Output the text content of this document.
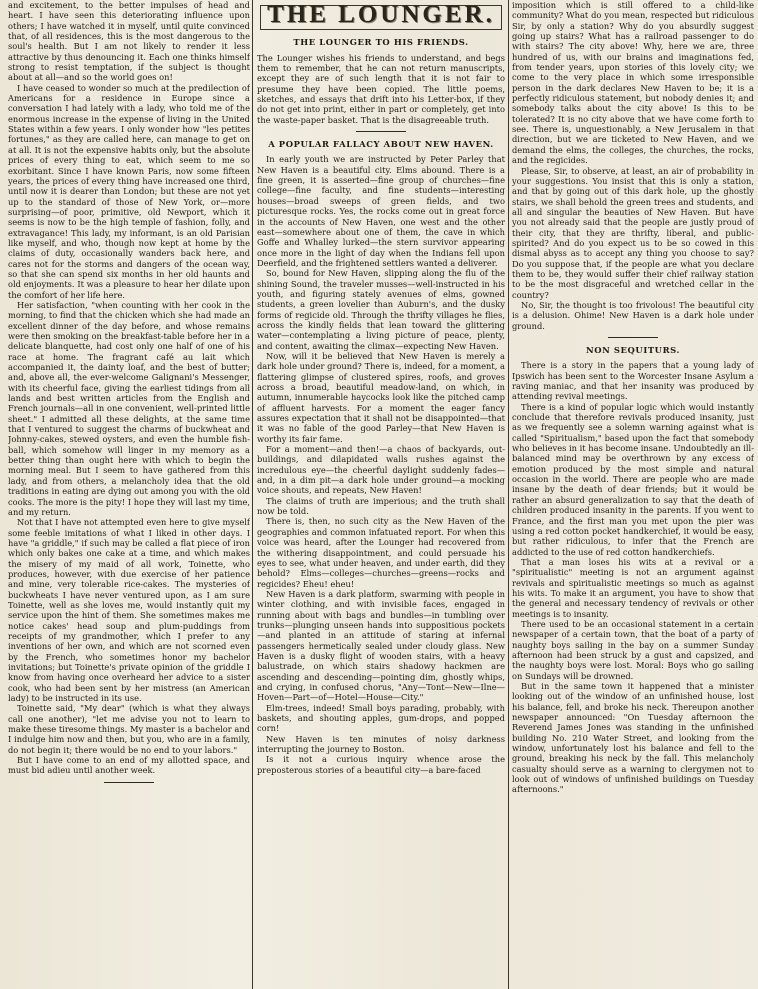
and excitement, to the better impulses of head and heart. I have seen this deteriorating influence upon others; I have watched it in myself, until quite convinced that, of all residences, this is the most dangerous to the soul's health. But I am not likely to render it less attractive by thus denouncing it. Each one thinks himself strong to resist temptation, if the subject is thought about at all—and so the world goes on!

I have ceased to wonder so much at the predilection of Americans for a residence in Europe since a conversation I had lately with a lady, who told me of the enormous increase in the expense of living in the United States within a few years. I only wonder how "les petites fortunes," as they are called here, can manage to get on at all. It is not the expensive habits only, but the absolute prices of every thing to eat, which seem to me so exorbitant. Since I have known Paris, now some fifteen years, the prices of every thing have increased one third, until now it is dearer than London; but these are not yet up to the standard of those of New York, or—more surprising—of poor, primitive, old Newport, which it seems is now to be the high temple of fashion, folly, and extravagance! This lady, my informant, is an old Parisian like myself, and who, though now kept at home by the claims of duty, occasionally wanders back here, and cares not for the storms and dangers of the ocean way, so that she can spend six months in her old haunts and old enjoyments. It was a pleasure to hear her dilate upon the comfort of her life here.

Her satisfaction, "when counting with her cook in the morning, to find that the chicken which she had made an excellent dinner of the day before, and whose remains were then smoking on the breakfast-table before her in a delicate blanquette, had cost only one half of one of his race at home. The fragrant café au lait which accompanied it, the dainty loaf, and the best of butter; and, above all, the ever-welcome Galignani's Messenger, with its cheerful face, giving the earliest tidings from all lands and best written articles from the English and French journals—all in one convenient, well-printed little sheet." I admitted all these delights, at the same time that I ventured to suggest the charms of buckwheat and Johnny-cakes, stewed oysters, and even the humble fish-ball, which somehow will linger in my memory as a better thing than ought here with which to begin the morning meal. But I seem to have gathered from this lady, and from others, a melancholy idea that the old traditions in eating are dying out among you with the old cooks. The more is the pity! I hope they will last my time, and my return.

Not that I have not attempted even here to give myself some feeble imitations of what I liked in other days. I have "a griddle," if such may be called a flat piece of iron which only bakes one cake at a time, and which makes the misery of my maid of all work, Toinette, who produces, however, with due exercise of her patience and mine, very tolerable rice-cakes. The mysteries of buckwheats I have never ventured upon, as I am sure Toinette, well as she loves me, would instantly quit my service upon the hint of them. She sometimes makes me notice cakes' head soup and plum-puddings from receipts of my grandmother, which I prefer to any inventions of her own, and which are not scorned even by the French, who sometimes honor my bachelor invitations; but Toinette's private opinion of the griddle I know from having once overheard her advice to a sister cook, who had been sent by her mistress (an American lady) to be instructed in its use.

Toinette said, "My dear" (which is what they always call one another), "let me advise you not to learn to make these tiresome things. My master is a bachelor and I indulge him now and then, but you, who are in a family, do not begin it; there would be no end to your labors."

But I have come to an end of my allotted space, and must bid adieu until another week.

THE LOUNGER.
THE LOUNGER TO HIS FRIENDS.

The Lounger wishes his friends to understand, and begs them to remember, that he can not return manuscripts, except they are of such length that it is not fair to presume they have been copied. The little poems, sketches, and essays that drift into his Letter-box, if they do not get into print, either in part or completely, get into the waste-paper basket. That is the disagreeable truth.

A POPULAR FALLACY ABOUT NEW HAVEN.

In early youth we are instructed by Peter Parley that New Haven is a beautiful city. Elms abound. There is a fine green, it is asserted—fine group of churches—fine college—fine faculty, and fine students—interesting houses—broad sweeps of green fields, and two picturesque rocks. Yes, the rocks come out in great force in the accounts of New Haven, one west and the other east—somewhere about one of them, the cave in which Goffe and Whalley lurked—the stern survivor appearing once more in the light of day when the Indians fell upon Deerfield, and the frightened settlers wanted a deliverer.

So, bound for New Haven, slipping along the flu of the shining Sound, the traveler musses—well-instructed in his youth, and figuring stately avenues of elms, gowned students, a green lovelier than Auburn's, and the dusky forms of regicide old. Through the thrifty villages he flies, across the kindly fields that lean toward the glittering water—contemplating a living picture of peace, plenty, and content, awaiting the climax—expecting New Haven.

Now, will it be believed that New Haven is merely a dark hole under ground? There is, indeed, for a moment, a flattering glimpse of clustered spires, roofs, and groves across a broad, beautiful meadow-land, on which, in autumn, innumerable haycocks look like the pitched camp of affluent harvests. For a moment the eager fancy assures expectation that it shall not be disappointed—that it was no fable of the good Parley—that New Haven is worthy its fair fame.

For a moment—and then!—a chaos of backyards, out-buildings, and dilapidated walls rushes against the incredulous eye—the cheerful daylight suddenly fades—and, in a dim pit—a dark hole under ground—a mocking voice shouts, and repeats, New Haven!

The claims of truth are imperious; and the truth shall now be told.

There is, then, no such city as the New Haven of the geographies and common infatuated report. For when this voice was heard, after the Lounger had recovered from the withering disappointment, and could persuade his eyes to see, what under heaven, and under earth, did they behold? Elms—colleges—churches—greens—rocks and regicides? Eheu! eheu!

New Haven is a dark platform, swarming with people in winter clothing, and with invisible faces, engaged in running about with bags and bundles—in tumbling over trunks—plunging unseen hands into suppositious pockets—and planted in an attitude of staring at infernal passengers hermetically sealed under cloudy glass. New Haven is a dusky flight of wooden stairs, with a heavy balustrade, on which stairs shadowy hackmen are ascending and descending—pointing dim, ghostly whips, and crying, in confused chorus, "Any—Tont—New—Ilne—Hoven—Part—of—Hotel—House—City."

Elm-trees, indeed! Small boys parading, probably, with baskets, and shouting apples, gum-drops, and popped corn!

New Haven is ten minutes of noisy darkness interrupting the journey to Boston.

Is it not a curious inquiry whence arose the preposterous stories of a beautiful city—a bare-faced

imposition which is still offered to a child-like community? What do you mean, respected but ridiculous Sir, by only a station? Why do you absurdly suggest going up stairs? What has a railroad passenger to do with stairs? The city above! Why, here we are, three hundred of us, with our brains and imaginations fed, from tender years, upon stories of this lovely city; we come to the very place in which some irresponsible person in the dark declares New Haven to be; it is a perfectly ridiculous statement, but nobody denies it; and somebody talks about the city above! Is this to be tolerated? It is no city above that we have come forth to see. There is, unquestionably, a New Jerusalem in that direction, but we are ticketed to New Haven, and we demand the elms, the colleges, the churches, the rocks, and the regicides.

Please, Sir, to observe, at least, an air of probability in your suggestions. You insist that this is only a station, and that by going out of this dark hole, up the ghostly stairs, we shall behold the green trees and students, and all and singular the beauties of New Haven. But have you not already said that the people are justly proud of their city, that they are thrifty, liberal, and public-spirited? And do you expect us to be so cowed in this dismal abyss as to accept any thing you choose to say? Do you suppose that, if the people are what you declare them to be, they would suffer their chief railway station to be the most disgraceful and wretched cellar in the country?

No, Sir, the thought is too frivolous! The beautiful city is a delusion. Ohime! New Haven is a dark hole under ground.

NON SEQUITURS.

There is a story in the papers that a young lady of Ipswich has been sent to the Worcester Insane Asylum a raving maniac, and that her insanity was produced by attending revival meetings.

There is a kind of popular logic which would instantly conclude that therefore revivals produced insanity, just as we frequently see a solemn warning against what is called "Spiritualism," based upon the fact that somebody who believes in it has become insane. Undoubtedly an ill-balanced mind may be overthrown by any excess of emotion produced by the most simple and natural occasion in the world. There are people who are made insane by the death of dear friends; but it would be rather an absurd generalization to say that the death of children produced insanity in the parents. If you went to France, and the first man you met upon the pier was using a red cotton pocket handkerchief, it would be easy, but rather ridiculous, to infer that the French are addicted to the use of red cotton handkerchiefs.

That a man loses his wits at a revival or a "spiritualistic" meeting is not an argument against revivals and spiritualistic meetings so much as against his wits. To make it an argument, you have to show that the general and necessary tendency of revivals or other meetings is to insanity.

There used to be an occasional statement in a certain newspaper of a certain town, that the boat of a party of naughty boys sailing in the bay on a summer Sunday afternoon had been struck by a gust and capsized, and the naughty boys were lost. Moral: Boys who go sailing on Sundays will be drowned.

But in the same town it happened that a minister looking out of the window of an unfinished house, lost his balance, fell, and broke his neck. Thereupon another newspaper announced: "On Tuesday afternoon the Reverend James Jones was standing in the unfinished building No. 210 Water Street, and looking from the window, unfortunately lost his balance and fell to the ground, breaking his neck by the fall. This melancholy casualty should serve as a warning to clergymen not to look out of windows of unfinished buildings on Tuesday afternoons."
